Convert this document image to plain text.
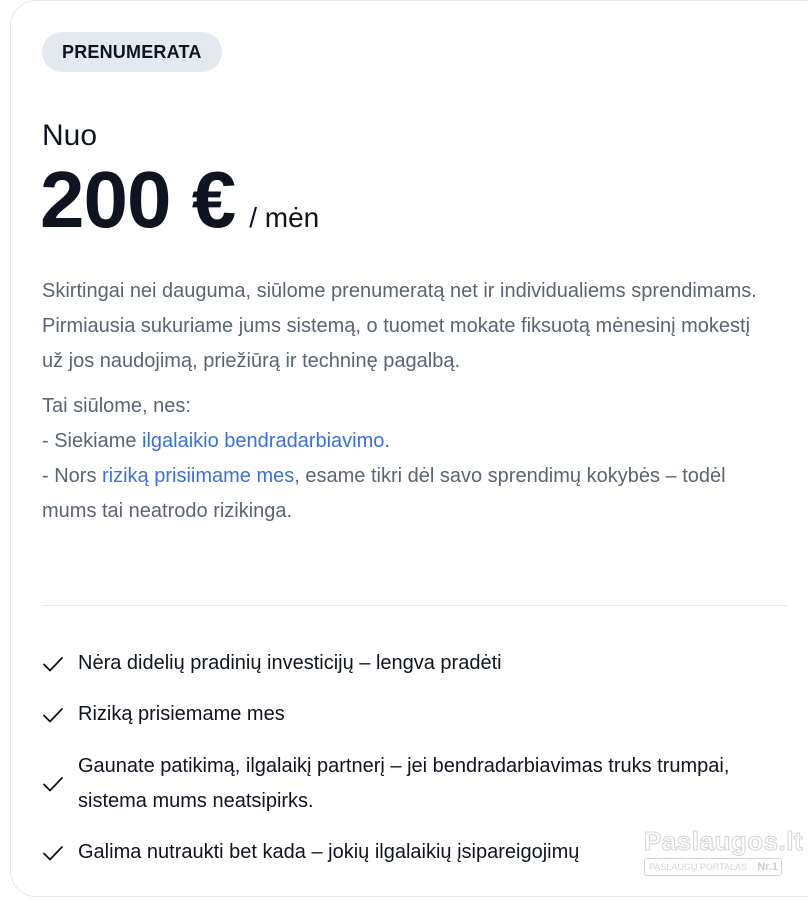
PRENUMERATA
Nuo
200 € / mėn

Skirtingai nei dauguma, siūlome prenumeratą net ir individualiems sprendimams.

Pirmiausia sukuriame jums sistemą, o tuomet mokate fiksuotą mėnesinį mokestį už jos naudojimą, priežiūrą ir techninę pagalbą.

Tai siūlome, nes:

- Siekiame ilgalaikio bendradarbiavimo.

- Nors riziką prisiimame mes, esame tikri dėl savo sprendimų kokybės – todėl mums tai neatrodo rizikinga.

Nėra didelių pradinių investicijų – lengva pradėti
Riziką prisiemame mes
Gaunate patikimą, ilgalaikį partnerį – jei bendradarbiavimas truks trumpai, sistema mums neatsipirks.
Galima nutraukti bet kada – jokių ilgalaikių įsipareigojimų Paslaugos.lt
PASLAUGŲ PORTALAS Nr.1
